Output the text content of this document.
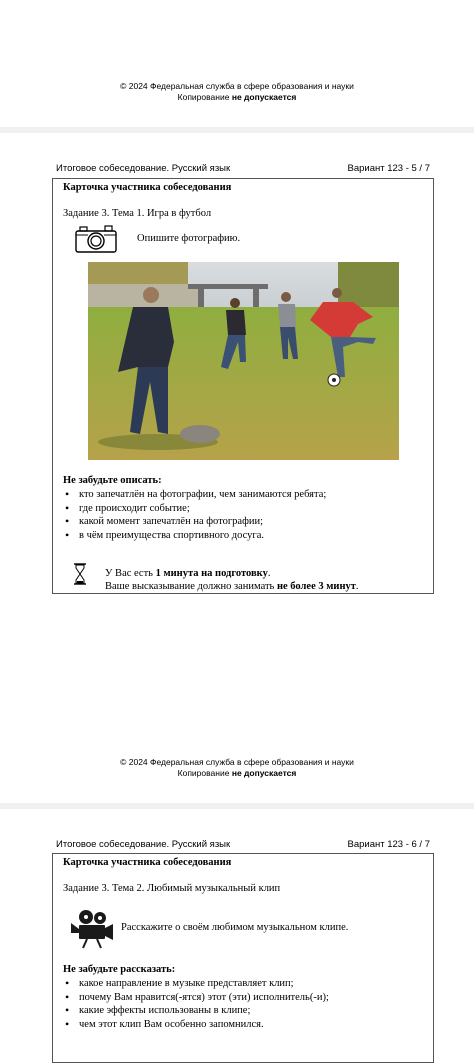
© 2024 Федеральная служба в сфере образования и науки
Копирование не допускается
Итоговое собеседование. Русский язык	Вариант 123 - 5 / 7
Карточка участника собеседования
Задание 3. Тема 1. Игра в футбол
Опишите фотографию.
Не забудьте описать:
• кто запечатлён на фотографии, чем занимаются ребята;
• где происходит событие;
• какой момент запечатлён на фотографии;
• в чём преимущества спортивного досуга.
У Вас есть 1 минута на подготовку.
Ваше высказывание должно занимать не более 3 минут.
© 2024 Федеральная служба в сфере образования и науки
Копирование не допускается
Итоговое собеседование. Русский язык	Вариант 123 - 6 / 7
Карточка участника собеседования
Задание 3. Тема 2. Любимый музыкальный клип
Расскажите о своём любимом музыкальном клипе.
Не забудьте рассказать:
• какое направление в музыке представляет клип;
• почему Вам нравится(-ятся) этот (эти) исполнитель(-и);
• какие эффекты использованы в клипе;
• чем этот клип Вам особенно запомнился.
